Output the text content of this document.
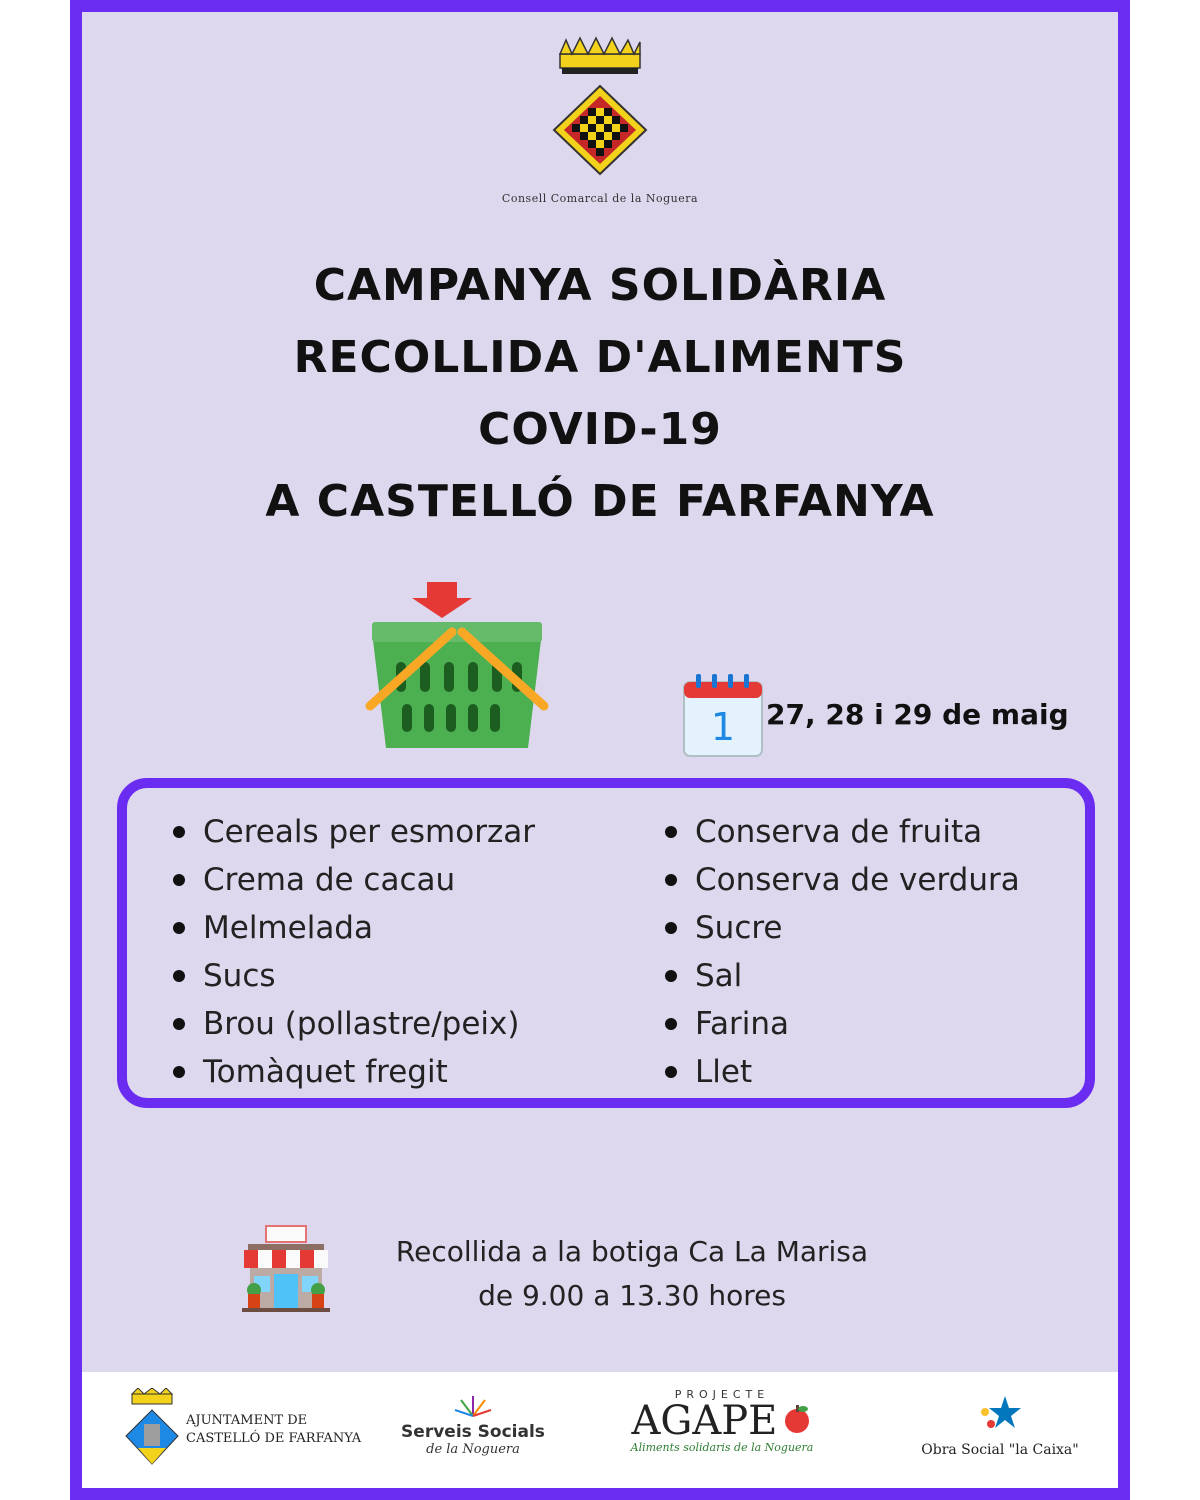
Consell Comarcal de la Noguera
CAMPANYA SOLIDÀRIA
RECOLLIDA D'ALIMENTS
COVID-19
A CASTELLÓ DE FARFANYA
1 27, 28 i 29 de maig
Cereals per esmorzar
Crema de cacau
Melmelada
Sucs
Brou (pollastre/peix)
Tomàquet fregit
Conserva de fruita
Conserva de verdura
Sucre
Sal
Farina
Llet
Recollida a la botiga Ca La Marisa
de 9.00 a 13.30 hores
AJUNTAMENT DE
CASTELLÓ DE FARFANYA	Serveis Socials
de la Noguera
PROJECTE
AGAPE
Aliments solidaris de la Noguera	Obra Social "la Caixa"
